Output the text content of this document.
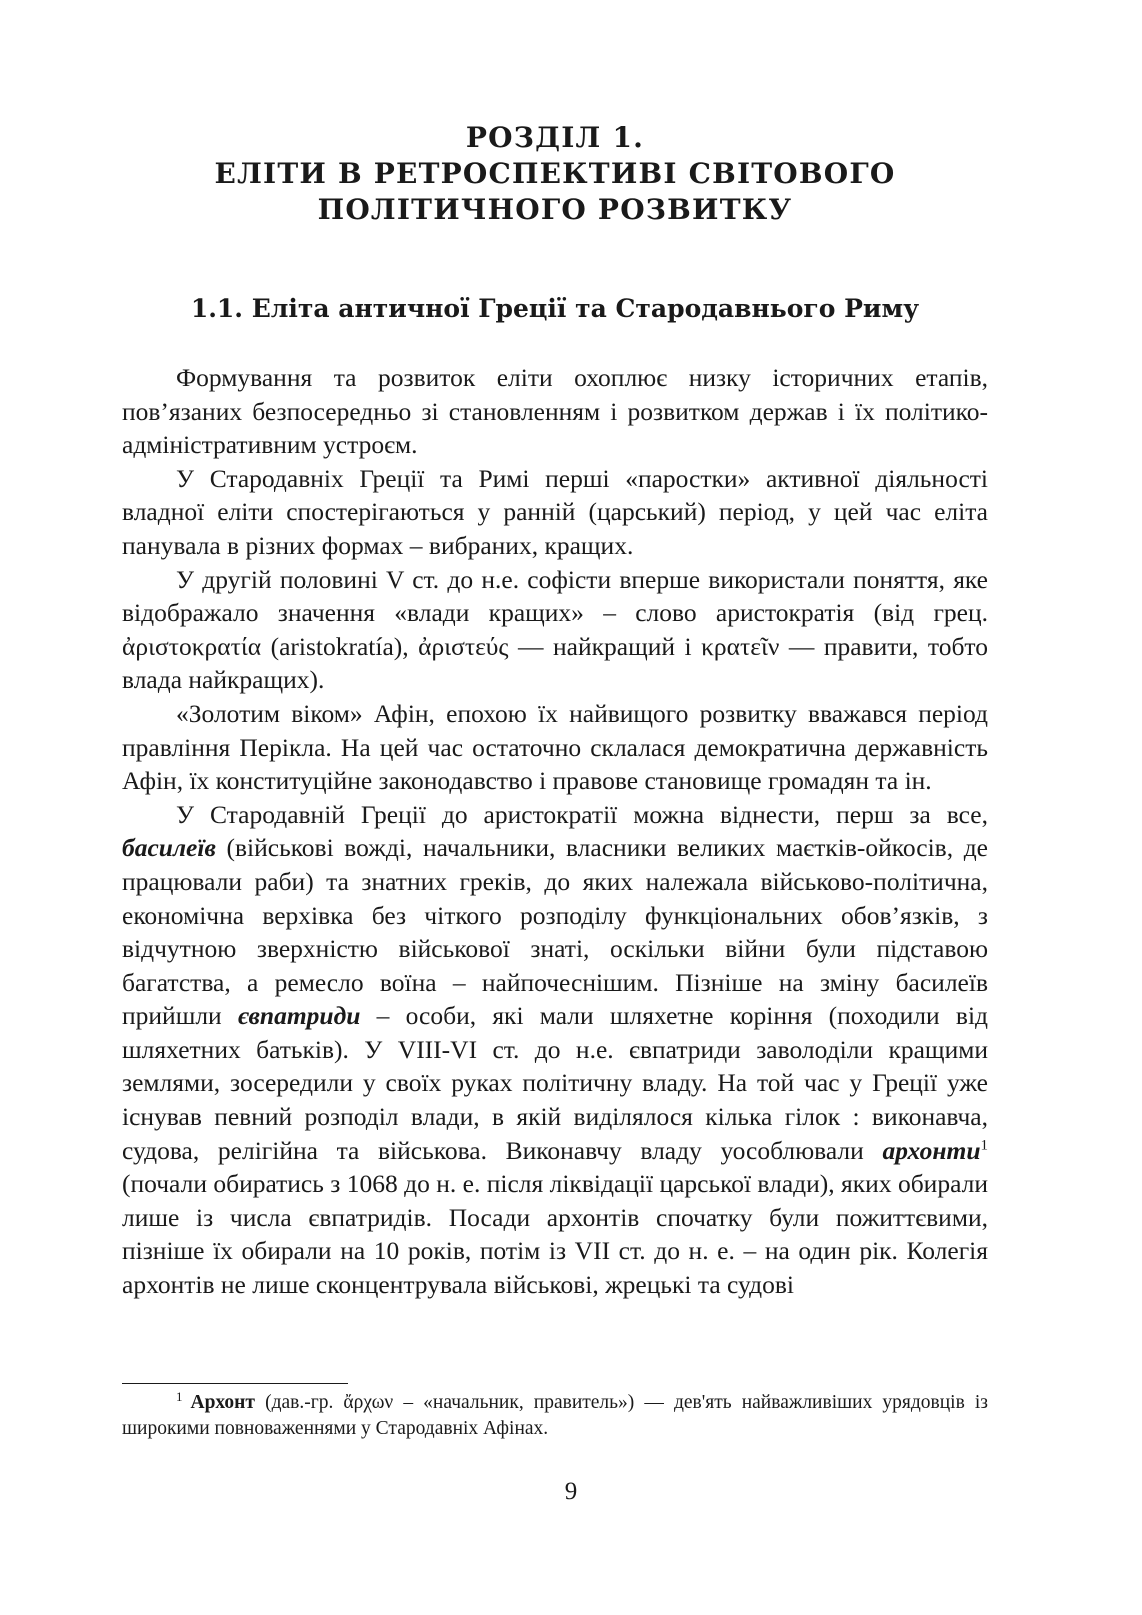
РОЗДІЛ 1.
ЕЛІТИ В РЕТРОСПЕКТИВІ СВІТОВОГО
ПОЛІТИЧНОГО РОЗВИТКУ
1.1. Еліта античної Греції та Стародавнього Риму

Формування та розвиток еліти охоплює низку історичних етапів, пов’язаних безпосередньо зі становленням і розвитком держав і їх політико-адміністративним устроєм.

У Стародавніх Греції та Римі перші «паростки» активної діяльності владної еліти спостерігаються у ранній (царський) період, у цей час еліта панувала в різних формах – вибраних, кращих.

У другій половині V ст. до н.е. софісти вперше використали поняття, яке відображало значення «влади кращих» – слово аристократія (від грец. ἀριστοκρατία (aristokratía), ἀριστεύς — найкращий і κρατεῖν — правити, тобто влада найкращих).

«Золотим віком» Афін, епохою їх найвищого розвитку вважався період правління Перікла. На цей час остаточно склалася демократична державність Афін, їх конституційне законодавство і правове становище громадян та ін.

У Стародавній Греції до аристократії можна віднести, перш за все, басилеїв (військові вожді, начальники, власники великих маєтків-ойкосів, де працювали раби) та знатних греків, до яких належала військово-політична, економічна верхівка без чіткого розподілу функціональних обов’язків, з відчутною зверхністю військової знаті, оскільки війни були підставою багатства, а ремесло воїна – найпочеснішим. Пізніше на зміну басилеїв прийшли євпатриди – особи, які мали шляхетне коріння (походили від шляхетних батьків). У VIII-VI ст. до н.е. євпатриди заволоділи кращими землями, зосередили у своїх руках політичну владу. На той час у Греції уже існував певний розподіл влади, в якій виділялося кілька гілок : виконавча, судова, релігійна та військова. Виконавчу владу уособлювали архонти$^1$ (почали обиратись з 1068 до н. е. після ліквідації царської влади), яких обирали лише із числа євпатридів. Посади архонтів спочатку були пожиттєвими, пізніше їх обирали на 10 років, потім із VII ст. до н. е. – на один рік. Колегія архонтів не лише сконцентрувала військові, жрецькі та судові

$^1$ Архонт (дав.-гр. ἄρχων – «начальник, правитель») — дев'ять найважливіших урядовців із широкими повноваженнями у Стародавніх Афінах.

9
